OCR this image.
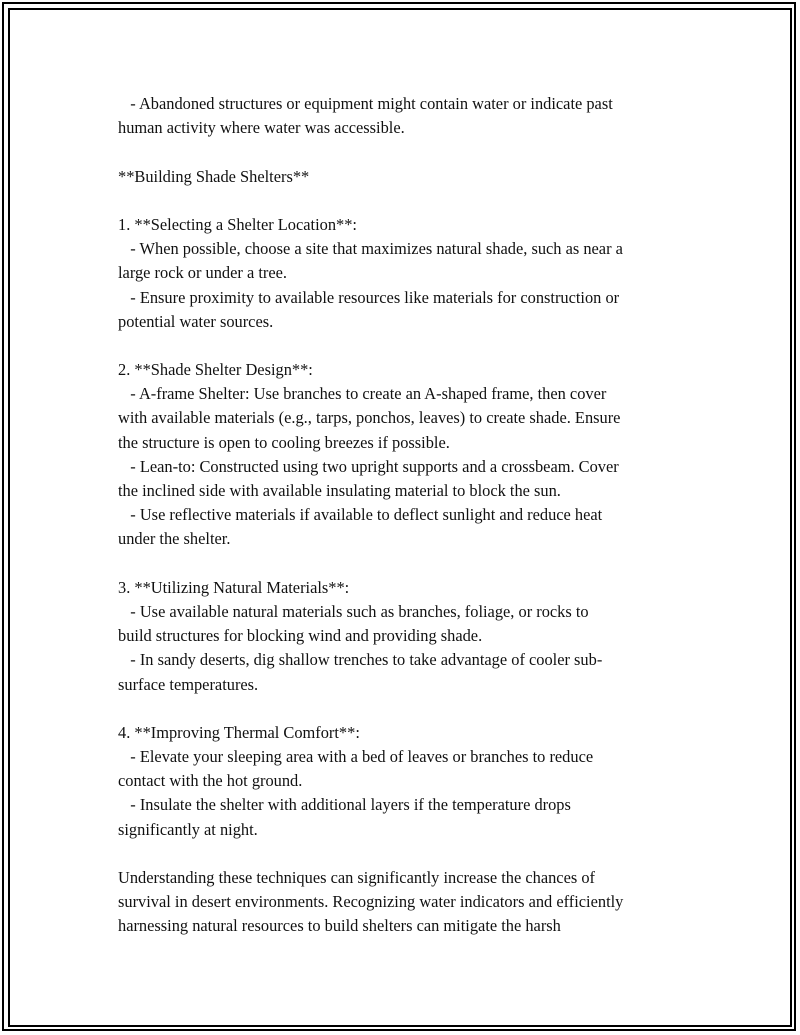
- Abandoned structures or equipment might contain water or indicate past
human activity where water was accessible.
**Building Shade Shelters**
1. **Selecting a Shelter Location**:
- When possible, choose a site that maximizes natural shade, such as near a
large rock or under a tree.
- Ensure proximity to available resources like materials for construction or
potential water sources.
2. **Shade Shelter Design**:
- A-frame Shelter: Use branches to create an A-shaped frame, then cover
with available materials (e.g., tarps, ponchos, leaves) to create shade. Ensure
the structure is open to cooling breezes if possible.
- Lean-to: Constructed using two upright supports and a crossbeam. Cover
the inclined side with available insulating material to block the sun.
- Use reflective materials if available to deflect sunlight and reduce heat
under the shelter.
3. **Utilizing Natural Materials**:
- Use available natural materials such as branches, foliage, or rocks to
build structures for blocking wind and providing shade.
- In sandy deserts, dig shallow trenches to take advantage of cooler sub-
surface temperatures.
4. **Improving Thermal Comfort**:
- Elevate your sleeping area with a bed of leaves or branches to reduce
contact with the hot ground.
- Insulate the shelter with additional layers if the temperature drops
significantly at night.
Understanding these techniques can significantly increase the chances of
survival in desert environments. Recognizing water indicators and efficiently
harnessing natural resources to build shelters can mitigate the harsh
